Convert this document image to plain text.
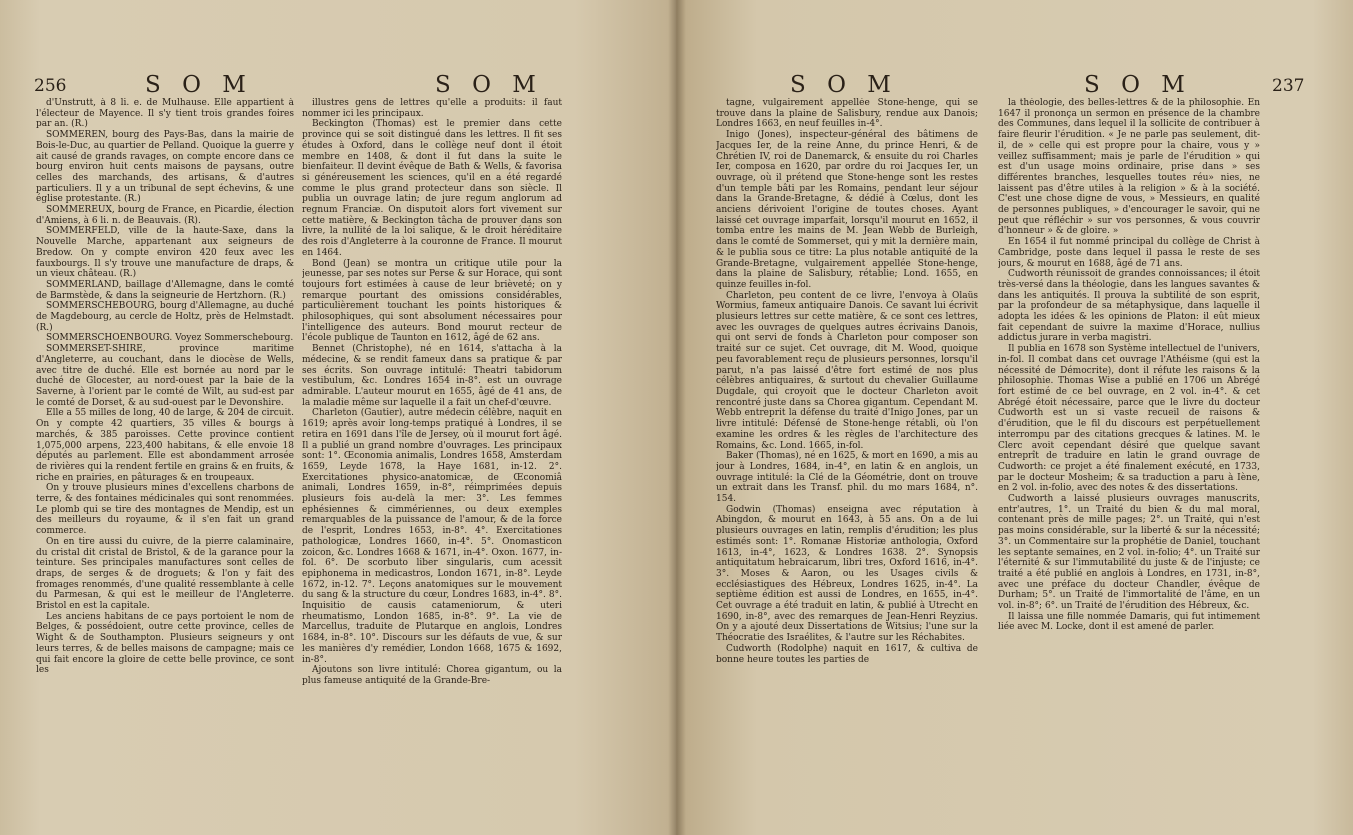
256	S O M	S O M

d'Unstrutt, à 8 li. e. de Mulhause. Elle appartient à l'électeur de Mayence. Il s'y tient trois grandes foires par an. (R.)

SOMMEREN, bourg des Pays-Bas, dans la mairie de Bois-le-Duc, au quartier de Pelland. Quoique la guerre y ait causé de grands ravages, on compte encore dans ce bourg environ huit cents maisons de paysans, outre celles des marchands, des artisans, & d'autres particuliers. Il y a un tribunal de sept échevins, & une église protestante. (R.)

SOMMEREUX, bourg de France, en Picardie, élection d'Amiens, à 6 li. n. de Beauvais. (R).

SOMMERFELD, ville de la haute-Saxe, dans la Nouvelle Marche, appartenant aux seigneurs de Bredow. On y compte environ 420 feux avec les fauxbourgs. Il s'y trouve une manufacture de draps, & un vieux château. (R.)

SOMMERLAND, baillage d'Allemagne, dans le comté de Barmstède, & dans la seigneurie de Hertzhorn. (R.)

SOMMERSCHEBOURG, bourg d'Allemagne, au duché de Magdebourg, au cercle de Holtz, près de Helmstadt. (R.)

SOMMERSCHOENBOURG. Voyez Sommerschebourg.

SOMMERSET-SHIRE, province maritime d'Angleterre, au couchant, dans le diocèse de Wells, avec titre de duché. Elle est bornée au nord par le duché de Glocester, au nord-ouest par la baie de la Saverne, à l'orient par le comté de Wilt, au sud-est par le comté de Dorset, & au sud-ouest par le Devonshire.

Elle a 55 milles de long, 40 de large, & 204 de circuit. On y compte 42 quartiers, 35 villes & bourgs à marchés, & 385 paroisses. Cette province contient 1,075,000 arpens, 223,400 habitans, & elle envoie 18 députés au parlement. Elle est abondamment arrosée de rivières qui la rendent fertile en grains & en fruits, & riche en prairies, en pâturages & en troupeaux.

On y trouve plusieurs mines d'excellens charbons de terre, & des fontaines médicinales qui sont renommées. Le plomb qui se tire des montagnes de Mendip, est un des meilleurs du royaume, & il s'en fait un grand commerce.

On en tire aussi du cuivre, de la pierre calaminaire, du cristal dit cristal de Bristol, & de la garance pour la teinture. Ses principales manufactures sont celles de draps, de serges & de droguets; & l'on y fait des fromages renommés, d'une qualité ressemblante à celle du Parmesan, & qui est le meilleur de l'Angleterre. Bristol en est la capitale.

Les anciens habitans de ce pays portoient le nom de Belges, & possédoient, outre cette province, celles de Wight & de Southampton. Plusieurs seigneurs y ont leurs terres, & de belles maisons de campagne; mais ce qui fait encore la gloire de cette belle province, ce sont les

illustres gens de lettres qu'elle a produits: il faut nommer ici les principaux.

Beckington (Thomas) est le premier dans cette province qui se soit distingué dans les lettres. Il fit ses études à Oxford, dans le collège neuf dont il étoit membre en 1408, & dont il fut dans la suite le bienfaiteur. Il devint évêque de Bath & Wells, & favorisa si généreusement les sciences, qu'il en a été regardé comme le plus grand protecteur dans son siècle. Il publia un ouvrage latin; de jure regum anglorum ad regnum Franciæ. On disputoit alors fort vivement sur cette matière, & Beckington tâcha de prouver dans son livre, la nullité de la loi salique, & le droit héréditaire des rois d'Angleterre à la couronne de France. Il mourut en 1464.

Bond (Jean) se montra un critique utile pour la jeunesse, par ses notes sur Perse & sur Horace, qui sont toujours fort estimées à cause de leur brièveté; on y remarque pourtant des omissions considérables, particulièrement touchant les points historiques & philosophiques, qui sont absolument nécessaires pour l'intelligence des auteurs. Bond mourut recteur de l'école publique de Taunton en 1612, âgé de 62 ans.

Bennet (Christophe), né en 1614, s'attacha à la médecine, & se rendit fameux dans sa pratique & par ses écrits. Son ouvrage intitulé: Theatri tabidorum vestibulum, &c. Londres 1654 in-8°. est un ouvrage admirable. L'auteur mourut en 1655, âgé de 41 ans, de la maladie même sur laquelle il a fait un chef-d'œuvre.

Charleton (Gautier), autre médecin célèbre, naquit en 1619; après avoir long-temps pratiqué à Londres, il se retira en 1691 dans l'île de Jersey, où il mourut fort âgé. Il a publié un grand nombre d'ouvrages. Les principaux sont: 1°. Œconomia animalis, Londres 1658, Amsterdam 1659, Leyde 1678, la Haye 1681, in-12. 2°. Exercitationes physico-anatomicæ, de Œconomiâ animali, Londres 1659, in-8°, réimprimées depuis plusieurs fois au-delà la mer: 3°. Les femmes ephésiennes & cimmériennes, ou deux exemples remarquables de la puissance de l'amour, & de la force de l'esprit, Londres 1653, in-8°. 4°. Exercitationes pathologicæ, Londres 1660, in-4°. 5°. Onomasticon zoicon, &c. Londres 1668 & 1671, in-4°. Oxon. 1677, in-fol. 6°. De scorbuto liber singularis, cum acessit epiphonema in medicastros, London 1671, in-8°. Leyde 1672, in-12. 7°. Leçons anatomiques sur le mouvement du sang & la structure du cœur, Londres 1683, in-4°. 8°. Inquisitio de causis catameniorum, & uteri rheumatismo, London 1685, in-8°. 9°. La vie de Marcellus, traduite de Plutarque en anglois, Londres 1684, in-8°. 10°. Discours sur les défauts de vue, & sur les manières d'y remédier, London 1668, 1675 & 1692, in-8°.

Ajoutons son livre intitulé: Chorea gigantum, ou la plus fameuse antiquité de la Grande-Bre-

S O M	S O M	237

tagne, vulgairement appellée Stone-henge, qui se trouve dans la plaine de Salisbury, rendue aux Danois; Londres 1663, en neuf feuilles in-4°.

Inigo (Jones), inspecteur-général des bâtimens de Jacques Ier, de la reine Anne, du prince Henri, & de Chrétien IV, roi de Danemarck, & ensuite du roi Charles Ier, composa en 1620, par ordre du roi Jacques Ier, un ouvrage, où il prétend que Stone-henge sont les restes d'un temple bâti par les Romains, pendant leur séjour dans la Grande-Bretagne, & dédié à Cœlus, dont les anciens dérivoient l'origine de toutes choses. Ayant laissé cet ouvrage imparfait, lorsqu'il mourut en 1652, il tomba entre les mains de M. Jean Webb de Burleigh, dans le comté de Sommerset, qui y mit la dernière main, & le publia sous ce titre: La plus notable antiquité de la Grande-Bretagne, vulgairement appellée Stone-henge, dans la plaine de Salisbury, rétablie; Lond. 1655, en quinze feuilles in-fol.

Charleton, peu content de ce livre, l'envoya à Olaüs Wormius, fameux antiquaire Danois. Ce savant lui écrivit plusieurs lettres sur cette matière, & ce sont ces lettres, avec les ouvrages de quelques autres écrivains Danois, qui ont servi de fonds à Charleton pour composer son traité sur ce sujet. Cet ouvrage, dit M. Wood, quoique peu favorablement reçu de plusieurs personnes, lorsqu'il parut, n'a pas laissé d'être fort estimé de nos plus célèbres antiquaires, & surtout du chevalier Guillaume Dugdale, qui croyoit que le docteur Charleton avoit rencontré juste dans sa Chorea gigantum. Cependant M. Webb entreprit la défense du traité d'Inigo Jones, par un livre intitulé: Défensé de Stone-henge rétabli, où l'on examine les ordres & les règles de l'architecture des Romains, &c. Lond. 1665, in-fol.

Baker (Thomas), né en 1625, & mort en 1690, a mis au jour à Londres, 1684, in-4°, en latin & en anglois, un ouvrage intitulé: la Clé de la Géométrie, dont on trouve un extrait dans les Transf. phil. du mo mars 1684, n°. 154.

Godwin (Thomas) enseigna avec réputation à Abingdon, & mourut en 1643, à 55 ans. On a de lui plusieurs ouvrages en latin, remplis d'érudition; les plus estimés sont: 1°. Romanæ Historiæ anthologia, Oxford 1613, in-4°, 1623, & Londres 1638. 2°. Synopsis antiquitatum hebraicarum, libri tres, Oxford 1616, in-4°. 3°. Moses & Aaron, ou les Usages civils & ecclésiastiques des Hébreux, Londres 1625, in-4°. La septième édition est aussi de Londres, en 1655, in-4°. Cet ouvrage a été traduit en latin, & publié à Utrecht en 1690, in-8°, avec des remarques de Jean-Henri Reyzius. On y a ajouté deux Dissertations de Witsius; l'une sur la Théocratie des Israélites, & l'autre sur les Réchabites.

Cudworth (Rodolphe) naquit en 1617, & cultiva de bonne heure toutes les parties de

la théologie, des belles-lettres & de la philosophie. En 1647 il prononça un sermon en présence de la chambre des Communes, dans lequel il la sollicite de contribuer à faire fleurir l'érudition. « Je ne parle pas seulement, dit-il, de » celle qui est propre pour la chaire, vous y » veillez suffisamment; mais je parle de l'érudition » qui est d'un usage moins ordinaire, prise dans » ses différentes branches, lesquelles toutes réu» nies, ne laissent pas d'être utiles à la religion » & à la société. C'est une chose digne de vous, » Messieurs, en qualité de personnes publiques, » d'encourager le savoir, qui ne peut que réfléchir » sur vos personnes, & vous couvrir d'honneur » & de gloire. »

En 1654 il fut nommé principal du collège de Christ à Cambridge, poste dans lequel il passa le reste de ses jours, & mourut en 1688, âgé de 71 ans.

Cudworth réunissoit de grandes connoissances; il étoit très-versé dans la théologie, dans les langues savantes & dans les antiquités. Il prouva la subtilité de son esprit, par la profondeur de sa métaphysique, dans laquelle il adopta les idées & les opinions de Platon: il eût mieux fait cependant de suivre la maxime d'Horace, nullius addictus jurare in verba magistri.

Il publia en 1678 son Système intellectuel de l'univers, in-fol. Il combat dans cet ouvrage l'Athéisme (qui est la nécessité de Démocrite), dont il réfute les raisons & la philosophie. Thomas Wise a publié en 1706 un Abrégé fort estimé de ce bel ouvrage, en 2 vol. in-4°. & cet Abrégé étoit nécessaire, parce que le livre du docteur Cudworth est un si vaste recueil de raisons & d'érudition, que le fil du discours est perpétuellement interrompu par des citations grecques & latines. M. le Clerc avoit cependant désiré que quelque savant entreprît de traduire en latin le grand ouvrage de Cudworth: ce projet a été finalement exécuté, en 1733, par le docteur Mosheim; & sa traduction a paru à Iène, en 2 vol. in-folio, avec des notes & des dissertations.

Cudworth a laissé plusieurs ouvrages manuscrits, entr'autres, 1°. un Traité du bien & du mal moral, contenant près de mille pages; 2°. un Traité, qui n'est pas moins considérable, sur la liberté & sur la nécessité; 3°. un Commentaire sur la prophétie de Daniel, touchant les septante semaines, en 2 vol. in-folio; 4°. un Traité sur l'éternité & sur l'immutabilité du juste & de l'injuste; ce traité a été publié en anglois à Londres, en 1731, in-8°, avec une préface du docteur Chandler, évêque de Durham; 5°. un Traité de l'immortalité de l'âme, en un vol. in-8°; 6°. un Traité de l'érudition des Hébreux, &c.

Il laissa une fille nommée Damaris, qui fut intimement liée avec M. Locke, dont il est amené de parler.
